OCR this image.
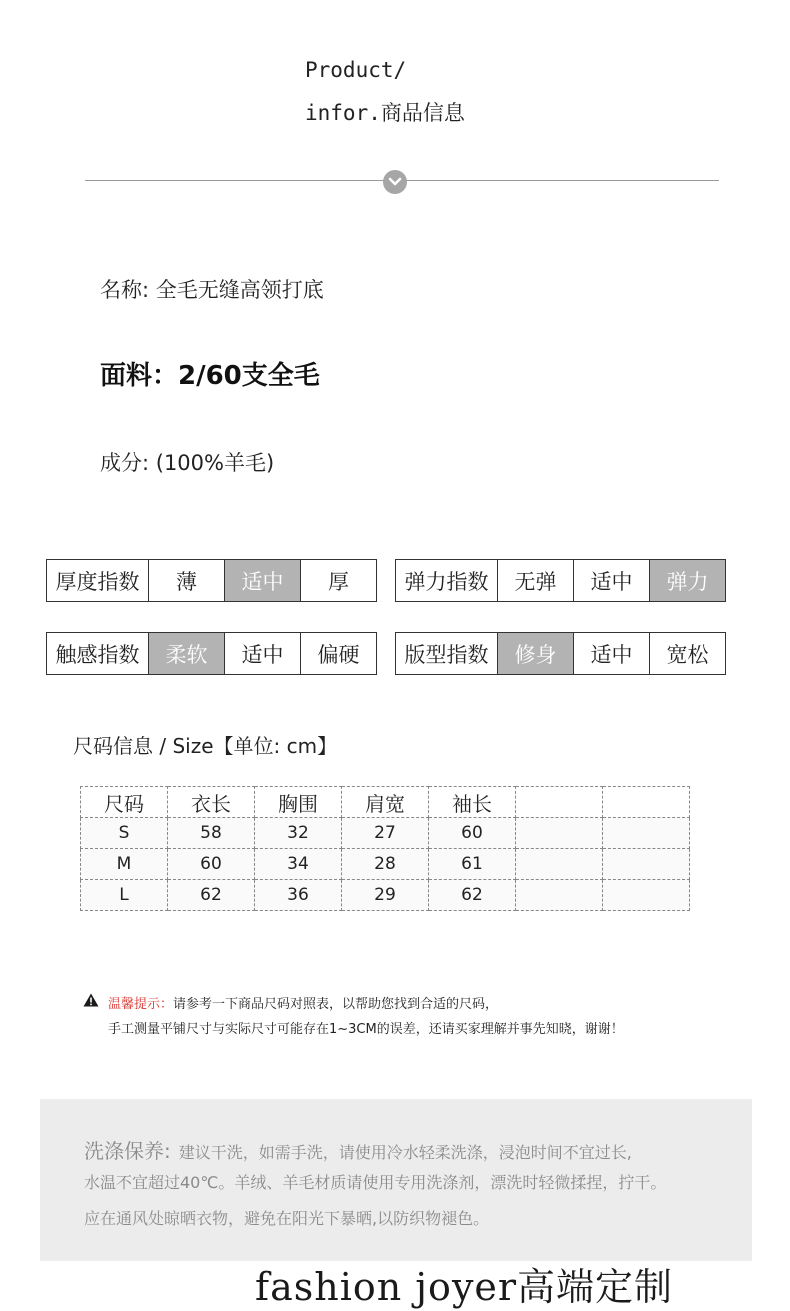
Product/
infor.商品信息
名称: 全毛无缝高领打底
面料：2/60支全毛
成分: (100%羊毛)
厚度指数	薄	适中	厚	弹力指数	无弹	适中	弹力
触感指数	柔软	适中	偏硬	版型指数	修身	适中	宽松
尺码信息 / Size【单位: cm】
尺码	衣长	胸围	肩宽	袖长		
S	58	32	27	60		
M	60	34	28	61		
L	62	36	29	62		
温馨提示：请参考一下商品尺码对照表，以帮助您找到合适的尺码，
手工测量平铺尺寸与实际尺寸可能存在1~3CM的误差，还请买家理解并事先知晓，谢谢！
洗涤保养: 建议干洗，如需手洗，请使用冷水轻柔洗涤，浸泡时间不宜过长,
水温不宜超过40℃。羊绒、羊毛材质请使用专用洗涤剂，漂洗时轻微揉捏，拧干。
应在通风处晾晒衣物，避免在阳光下暴晒,以防织物褪色。
fashion joyer高端定制
